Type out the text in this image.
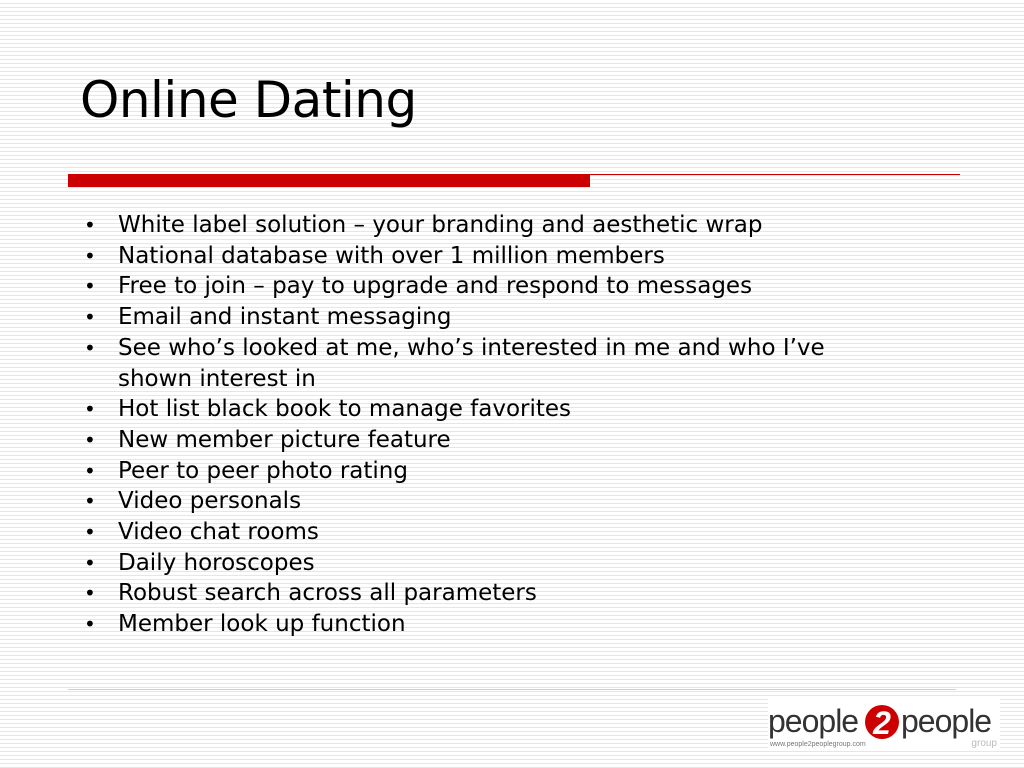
Online Dating
• White label solution – your branding and aesthetic wrap
• National database with over 1 million members
• Free to join – pay to upgrade and respond to messages
• Email and instant messaging
• See who’s looked at me, who’s interested in me and who I’ve shown interest in
• Hot list black book to manage favorites
• New member picture feature
• Peer to peer photo rating
• Video personals
• Video chat rooms
• Daily horoscopes
• Robust search across all parameters
• Member look up function
people 2 people
www.people2peoplegroup.com	group
